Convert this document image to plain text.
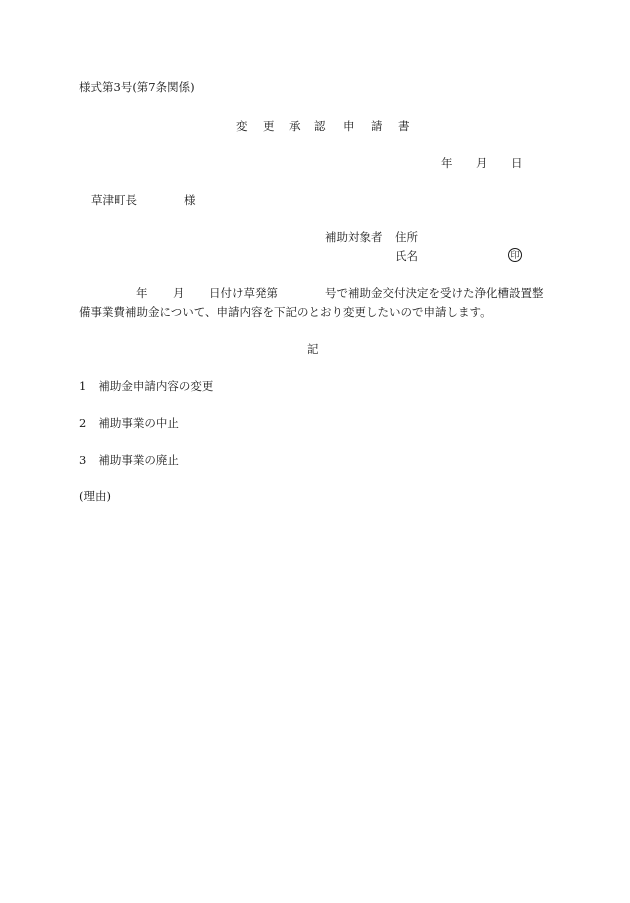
様式第3号(第7条関係)
変 更 承 認 申 請 書
年 月 日
草津町長	様
補助対象者 住所
氏名	印
年 月 日付け草発第	号で補助金交付決定を受けた浄化槽設置整
備事業費補助金について、申請内容を下記のとおり変更したいので申請します。
記
1 補助金申請内容の変更
2 補助事業の中止
3 補助事業の廃止
(理由)
